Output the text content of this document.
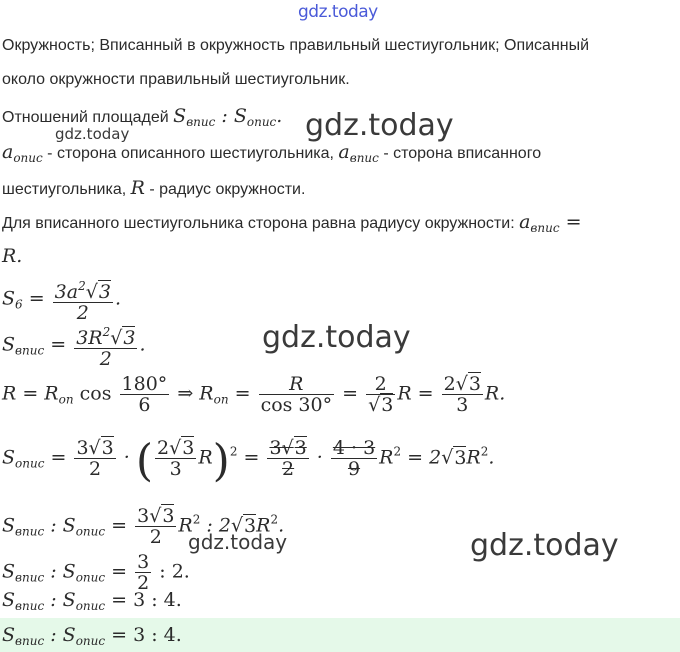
gdz.today
gdz.today
gdz.today
gdz.today
gdz.today
gdz.today
Окружность; Вписанный в окружность правильный шестиугольник; Описанный
около окружности правильный шестиугольник.
Отношений площадей $S_{впис}$ : $S_{опис}$.
$a_{опис}$ - сторона описанного шестиугольника, $a_{впис}$ - сторона вписанного
шестиугольника, R - радиус окружности.
Для вписанного шестиугольника сторона равна радиусу окружности: $a_{впис}$ =
R.
$S_6 = \frac{3a^2√3}{2}$ .
$S_{впис} = \frac{3R^2√3}{2}$ .
$R = R_{on}$ $\cos \frac{180^\circ}{6}$ ⇒ $R_{on} = \frac{R}{\cos 30^\circ} = \frac{2}{√3}$ $R = \frac{2√3}{3} R$.
$S_{опис} = \frac{3√3}{2}$ · ( $\frac{2√3}{3} R)^2 = \frac{3√3}{2} \cdot \frac{4 \cdot 3}{9} R^2 = 2√3R^2$.
$S_{впис}$ : $S_{опис} = \frac{3√3}{2} R^2$ : $2√3R^2$.
$S_{впис}$ : $S_{опис} = \frac{3}{2}$ : 2.
$S_{впис}$ : $S_{опис} = 3$ : 4.
$S_{впис}$ : $S_{опис} = 3$ : 4.
